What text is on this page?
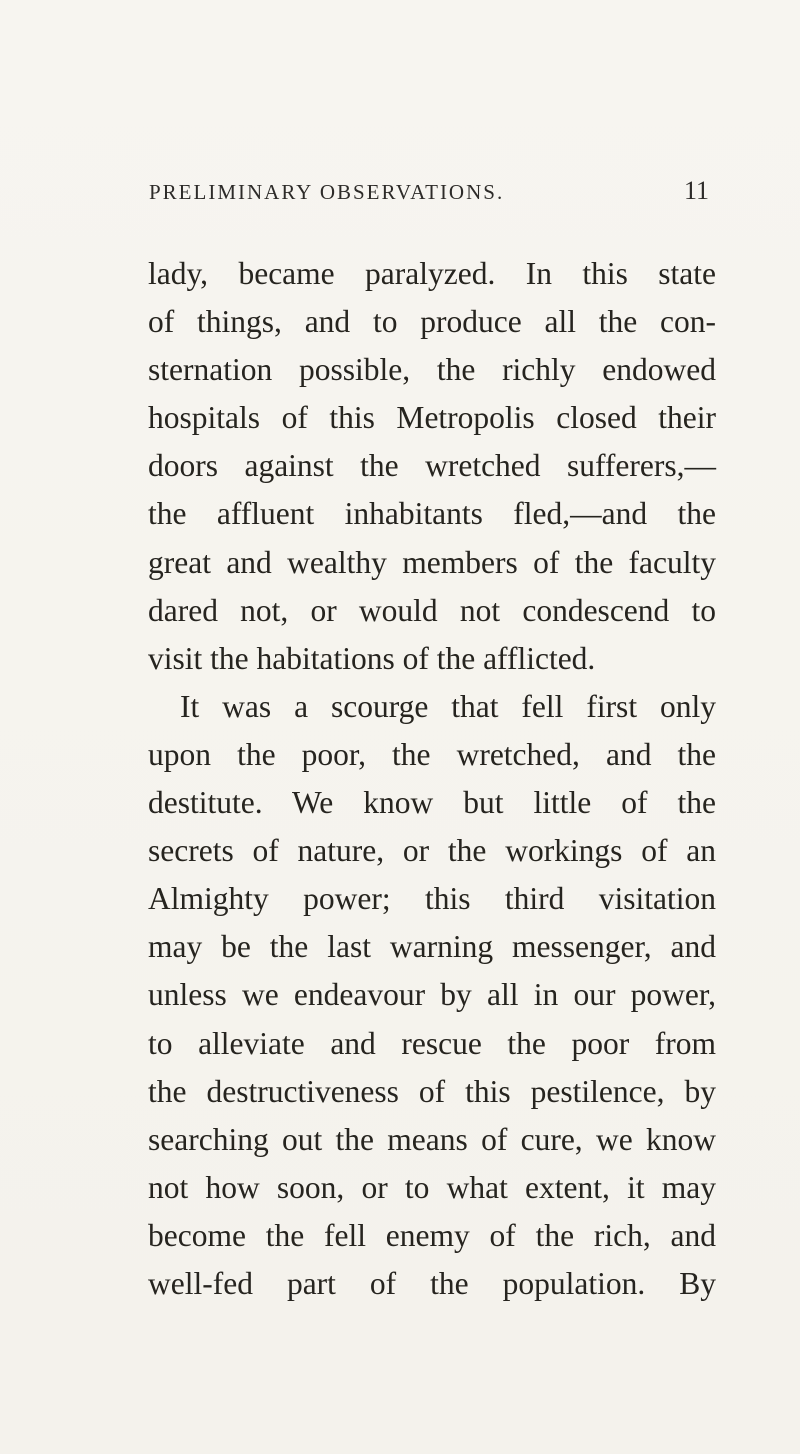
PRELIMINARY OBSERVATIONS.	11
lady, became paralyzed. In this state
of things, and to produce all the con-
sternation possible, the richly endowed
hospitals of this Metropolis closed their
doors against the wretched sufferers,—
the affluent inhabitants fled,—and the
great and wealthy members of the faculty
dared not, or would not condescend to
visit the habitations of the afflicted.
It was a scourge that fell first only
upon the poor, the wretched, and the
destitute. We know but little of the
secrets of nature, or the workings of an
Almighty power; this third visitation
may be the last warning messenger, and
unless we endeavour by all in our power,
to alleviate and rescue the poor from
the destructiveness of this pestilence, by
searching out the means of cure, we know
not how soon, or to what extent, it may
become the fell enemy of the rich, and
well-fed part of the population. By
